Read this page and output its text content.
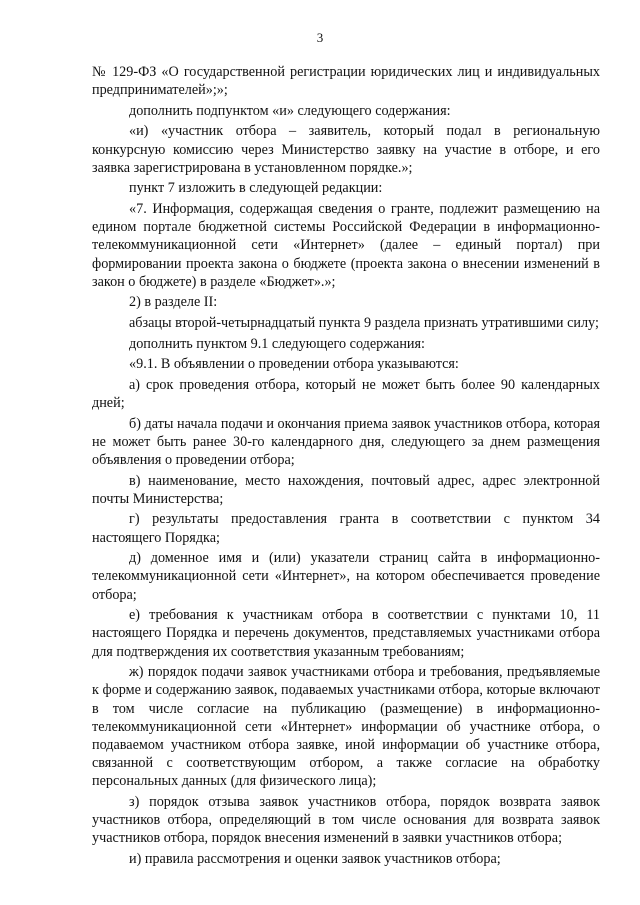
3

№ 129-ФЗ «О государственной регистрации юридических лиц и индивидуальных предпринимателей»;»;

дополнить подпунктом «и» следующего содержания:

«и) «участник отбора – заявитель, который подал в региональную конкурсную комиссию через Министерство заявку на участие в отборе, и его заявка зарегистрирована в установленном порядке.»;

пункт 7 изложить в следующей редакции:

«7. Информация, содержащая сведения о гранте, подлежит размещению на едином портале бюджетной системы Российской Федерации в информационно-телекоммуникационной сети «Интернет» (далее – единый портал) при формировании проекта закона о бюджете (проекта закона о внесении изменений в закон о бюджете) в разделе «Бюджет».»;

2) в разделе II:

абзацы второй-четырнадцатый пункта 9 раздела признать утратившими силу;

дополнить пунктом 9.1 следующего содержания:

«9.1. В объявлении о проведении отбора указываются:

а) срок проведения отбора, который не может быть более 90 календарных дней;

б) даты начала подачи и окончания приема заявок участников отбора, которая не может быть ранее 30-го календарного дня, следующего за днем размещения объявления о проведении отбора;

в) наименование, место нахождения, почтовый адрес, адрес электронной почты Министерства;

г) результаты предоставления гранта в соответствии с пунктом 34 настоящего Порядка;

д) доменное имя и (или) указатели страниц сайта в информационно-телекоммуникационной сети «Интернет», на котором обеспечивается проведение отбора;

е) требования к участникам отбора в соответствии с пунктами 10, 11 настоящего Порядка и перечень документов, представляемых участниками отбора для подтверждения их соответствия указанным требованиям;

ж) порядок подачи заявок участниками отбора и требования, предъявляемые к форме и содержанию заявок, подаваемых участниками отбора, которые включают в том числе согласие на публикацию (размещение) в информационно-телекоммуникационной сети «Интернет» информации об участнике отбора, о подаваемом участником отбора заявке, иной информации об участнике отбора, связанной с соответствующим отбором, а также согласие на обработку персональных данных (для физического лица);

з) порядок отзыва заявок участников отбора, порядок возврата заявок участников отбора, определяющий в том числе основания для возврата заявок участников отбора, порядок внесения изменений в заявки участников отбора;

и) правила рассмотрения и оценки заявок участников отбора;
